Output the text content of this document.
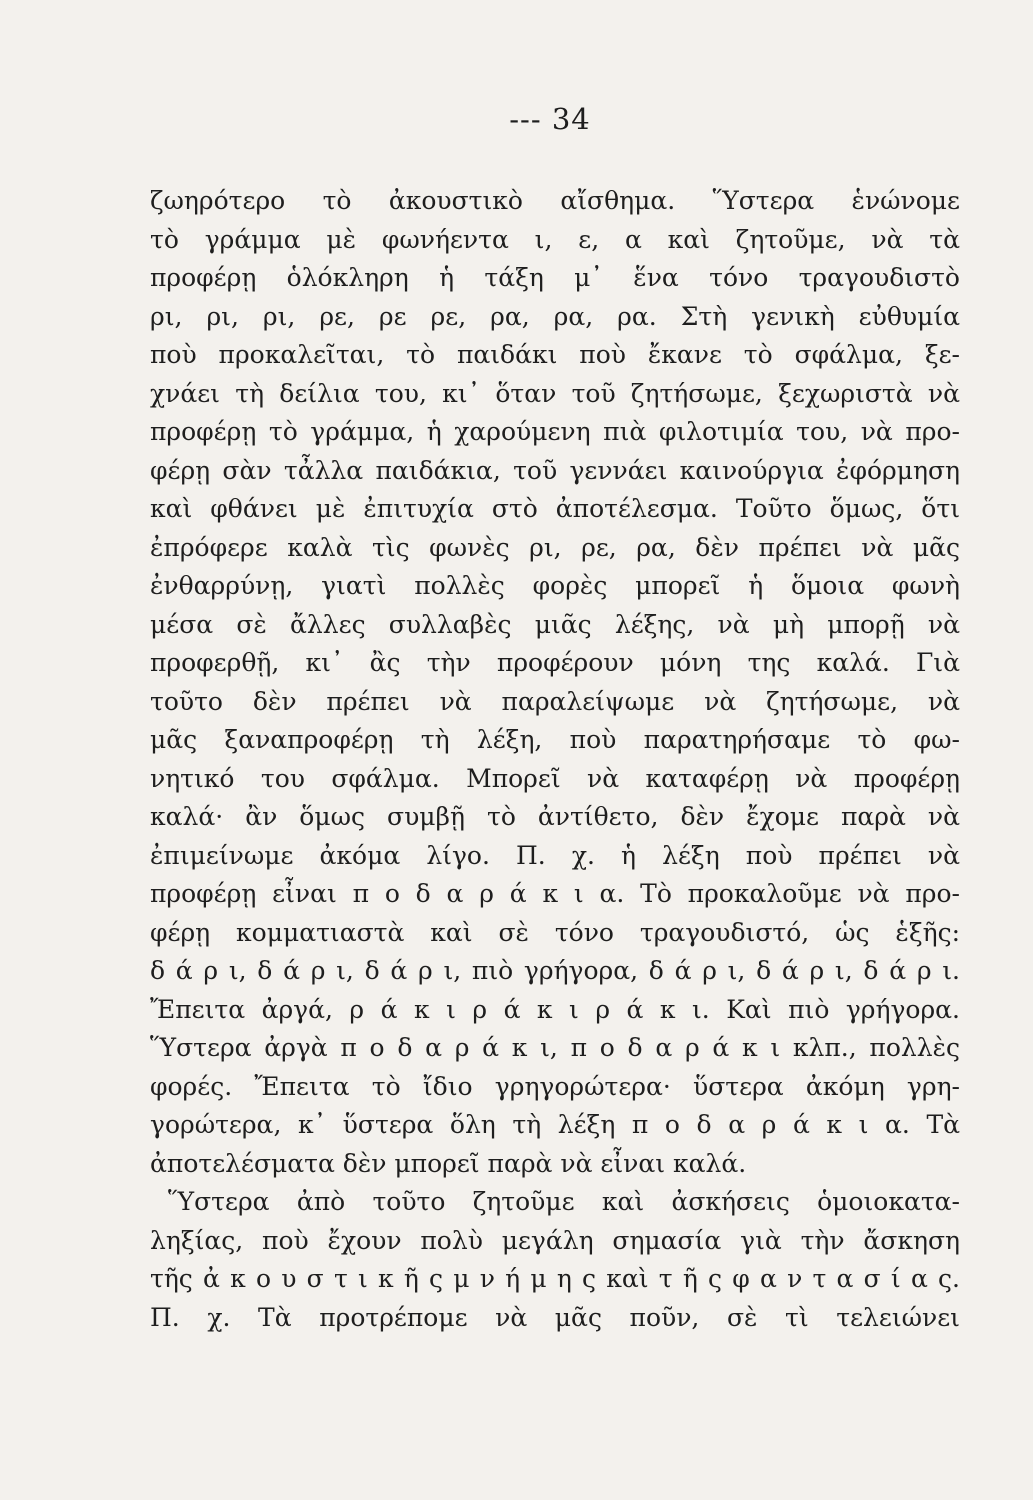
--- 34
ζωηρότερο τὸ ἀκουστικὸ αἴσθημα. Ὕστερα ἑνώνομε
τὸ γράμμα μὲ φωνήεντα ι, ε, α καὶ ζητοῦμε, νὰ τὰ
προφέρῃ ὁλόκληρη ἡ τάξη μ᾿ ἕνα τόνο τραγουδιστὸ
ρι, ρι, ρι, ρε, ρε ρε, ρα, ρα, ρα. Στὴ γενικὴ εὐθυμία
ποὺ προκαλεῖται, τὸ παιδάκι ποὺ ἔκανε τὸ σφάλμα, ξε-
χνάει τὴ δείλια του, κι᾿ ὅταν τοῦ ζητήσωμε, ξεχωριστὰ νὰ
προφέρῃ τὸ γράμμα, ἡ χαρούμενη πιὰ φιλοτιμία του, νὰ προ-
φέρῃ σὰν τἆλλα παιδάκια, τοῦ γεννάει καινούργια ἐφόρμηση
καὶ φθάνει μὲ ἐπιτυχία στὸ ἀποτέλεσμα. Τοῦτο ὅμως, ὅτι
ἐπρόφερε καλὰ τὶς φωνὲς ρι, ρε, ρα, δὲν πρέπει νὰ μᾶς
ἐνθαρρύνῃ, γιατὶ πολλὲς φορὲς μπορεῖ ἡ ὅμοια φωνὴ
μέσα σὲ ἄλλες συλλαβὲς μιᾶς λέξης, νὰ μὴ μπορῇ νὰ
προφερθῇ, κι᾿ ἂς τὴν προφέρουν μόνη της καλά. Γιὰ
τοῦτο δὲν πρέπει νὰ παραλείψωμε νὰ ζητήσωμε, νὰ
μᾶς ξαναπροφέρῃ τὴ λέξη, ποὺ παρατηρήσαμε τὸ φω-
νητικό του σφάλμα. Μπορεῖ νὰ καταφέρῃ νὰ προφέρῃ
καλά· ἂν ὅμως συμβῇ τὸ ἀντίθετο, δὲν ἔχομε παρὰ νὰ
ἐπιμείνωμε ἀκόμα λίγο. Π. χ. ἡ λέξη ποὺ πρέπει νὰ
προφέρῃ εἶναι π ο δ α ρ ά κ ι α. Τὸ προκαλοῦμε νὰ προ-
φέρῃ κομματιαστὰ καὶ σὲ τόνο τραγουδιστό, ὡς ἑξῆς:
δ ά ρ ι, δ ά ρ ι, δ ά ρ ι, πιὸ γρήγορα, δ ά ρ ι, δ ά ρ ι, δ ά ρ ι.
Ἔπειτα ἀργά, ρ ά κ ι ρ ά κ ι ρ ά κ ι. Καὶ πιὸ γρήγορα.
Ὕστερα ἀργὰ π ο δ α ρ ά κ ι, π ο δ α ρ ά κ ι κλπ., πολλὲς
φορές. Ἔπειτα τὸ ἴδιο γρηγορώτερα· ὕστερα ἀκόμη γρη-
γορώτερα, κ᾿ ὕστερα ὅλη τὴ λέξη π ο δ α ρ ά κ ι α. Τὰ
ἀποτελέσματα δὲν μπορεῖ παρὰ νὰ εἶναι καλά.
Ὕστερα ἀπὸ τοῦτο ζητοῦμε καὶ ἀσκήσεις ὁμοιοκατα-
ληξίας, ποὺ ἔχουν πολὺ μεγάλη σημασία γιὰ τὴν ἄσκηση
τῆς ἀ κ ο υ σ τ ι κ ῆ ς μ ν ή μ η ς καὶ τ ῆ ς φ α ν τ α σ ί α ς.
Π. χ. Τὰ προτρέπομε νὰ μᾶς ποῦν, σὲ τὶ τελειώνει
